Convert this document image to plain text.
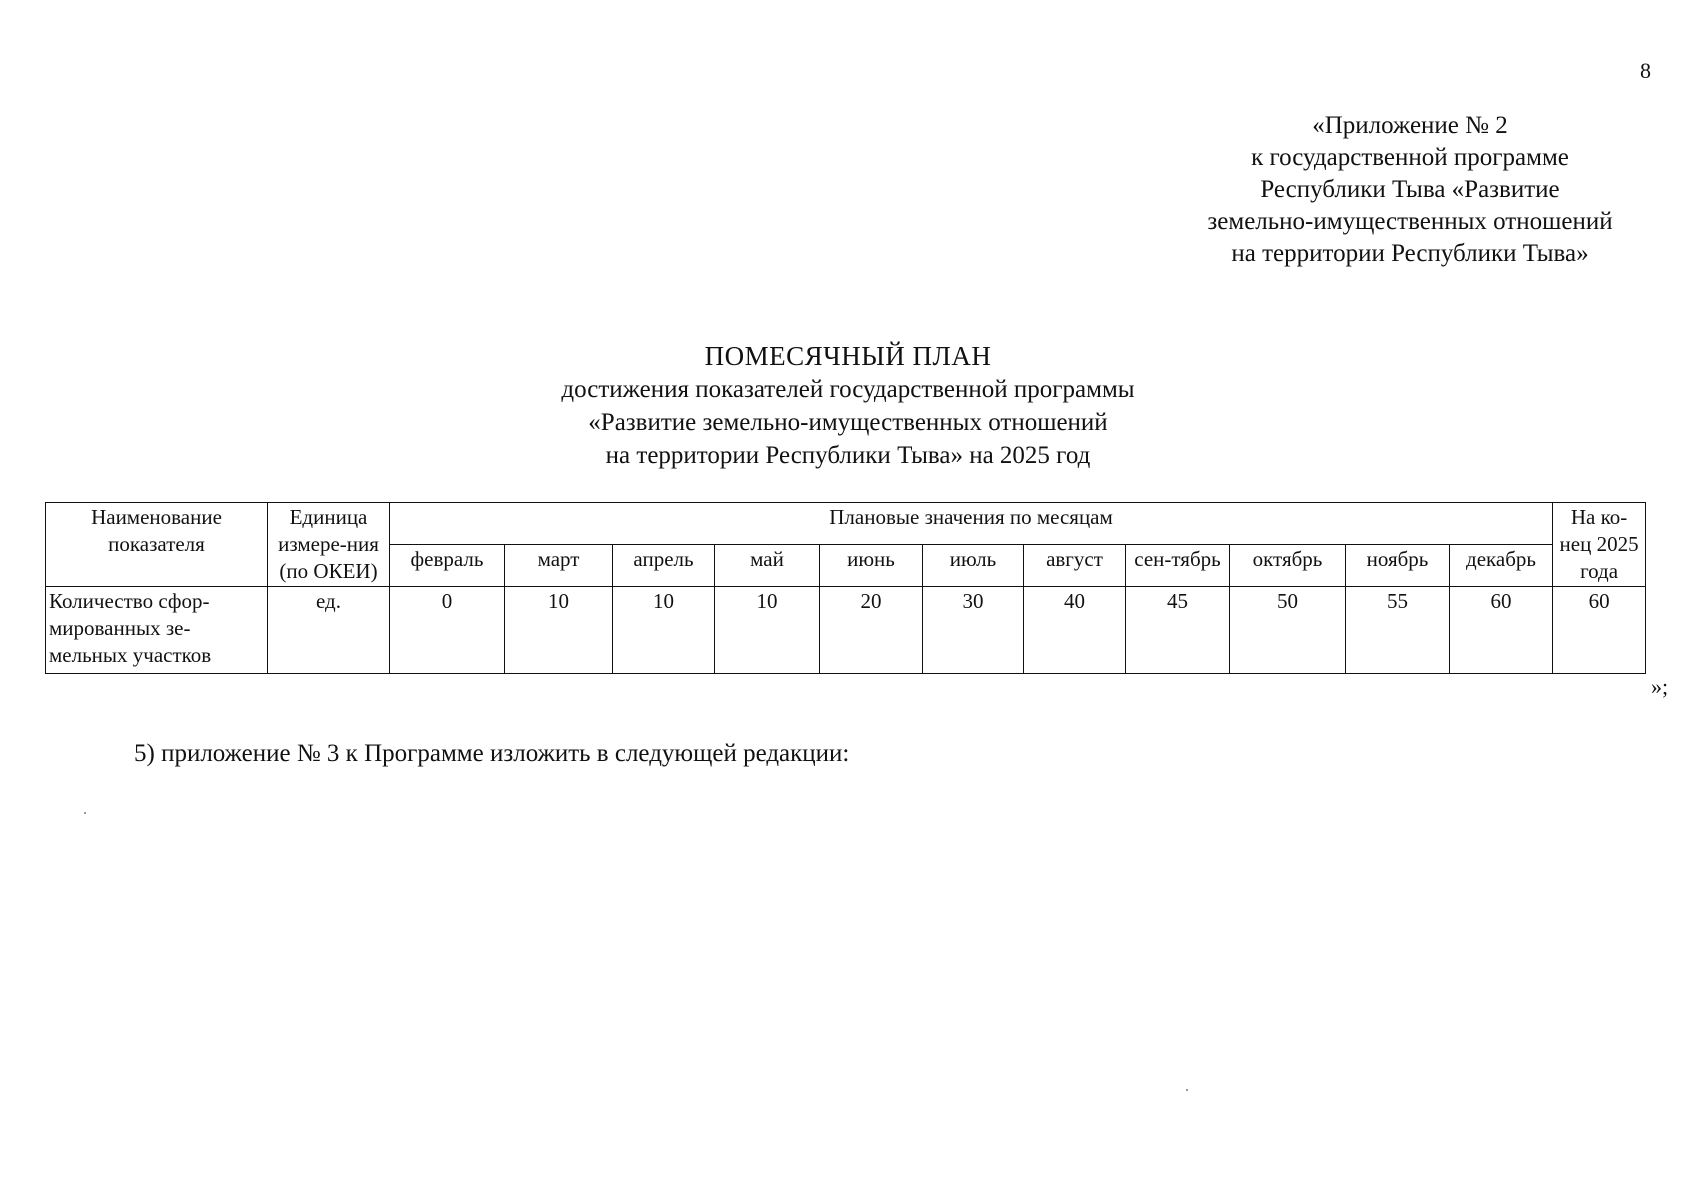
8
«Приложение № 2
к государственной программе
Республики Тыва «Развитие
земельно-имущественных отношений
на территории Республики Тыва»
ПОМЕСЯЧНЫЙ ПЛАН
достижения показателей государственной программы
«Развитие земельно-имущественных отношений
на территории Республики Тыва» на 2025 год
Наименование показателя	Единица измере-ния (по ОКЕИ)	Плановые значения по месяцам											На ко-нец 2025 года
		февраль	март	апрель	май	июнь	июль	август	сен-тябрь	октябрь	ноябрь	декабрь	
Количество сфор-мированных зе-мельных участков	ед.	0	10	10	10	20	30	40	45	50	55	60	60
»;
5) приложение № 3 к Программе изложить в следующей редакции:
